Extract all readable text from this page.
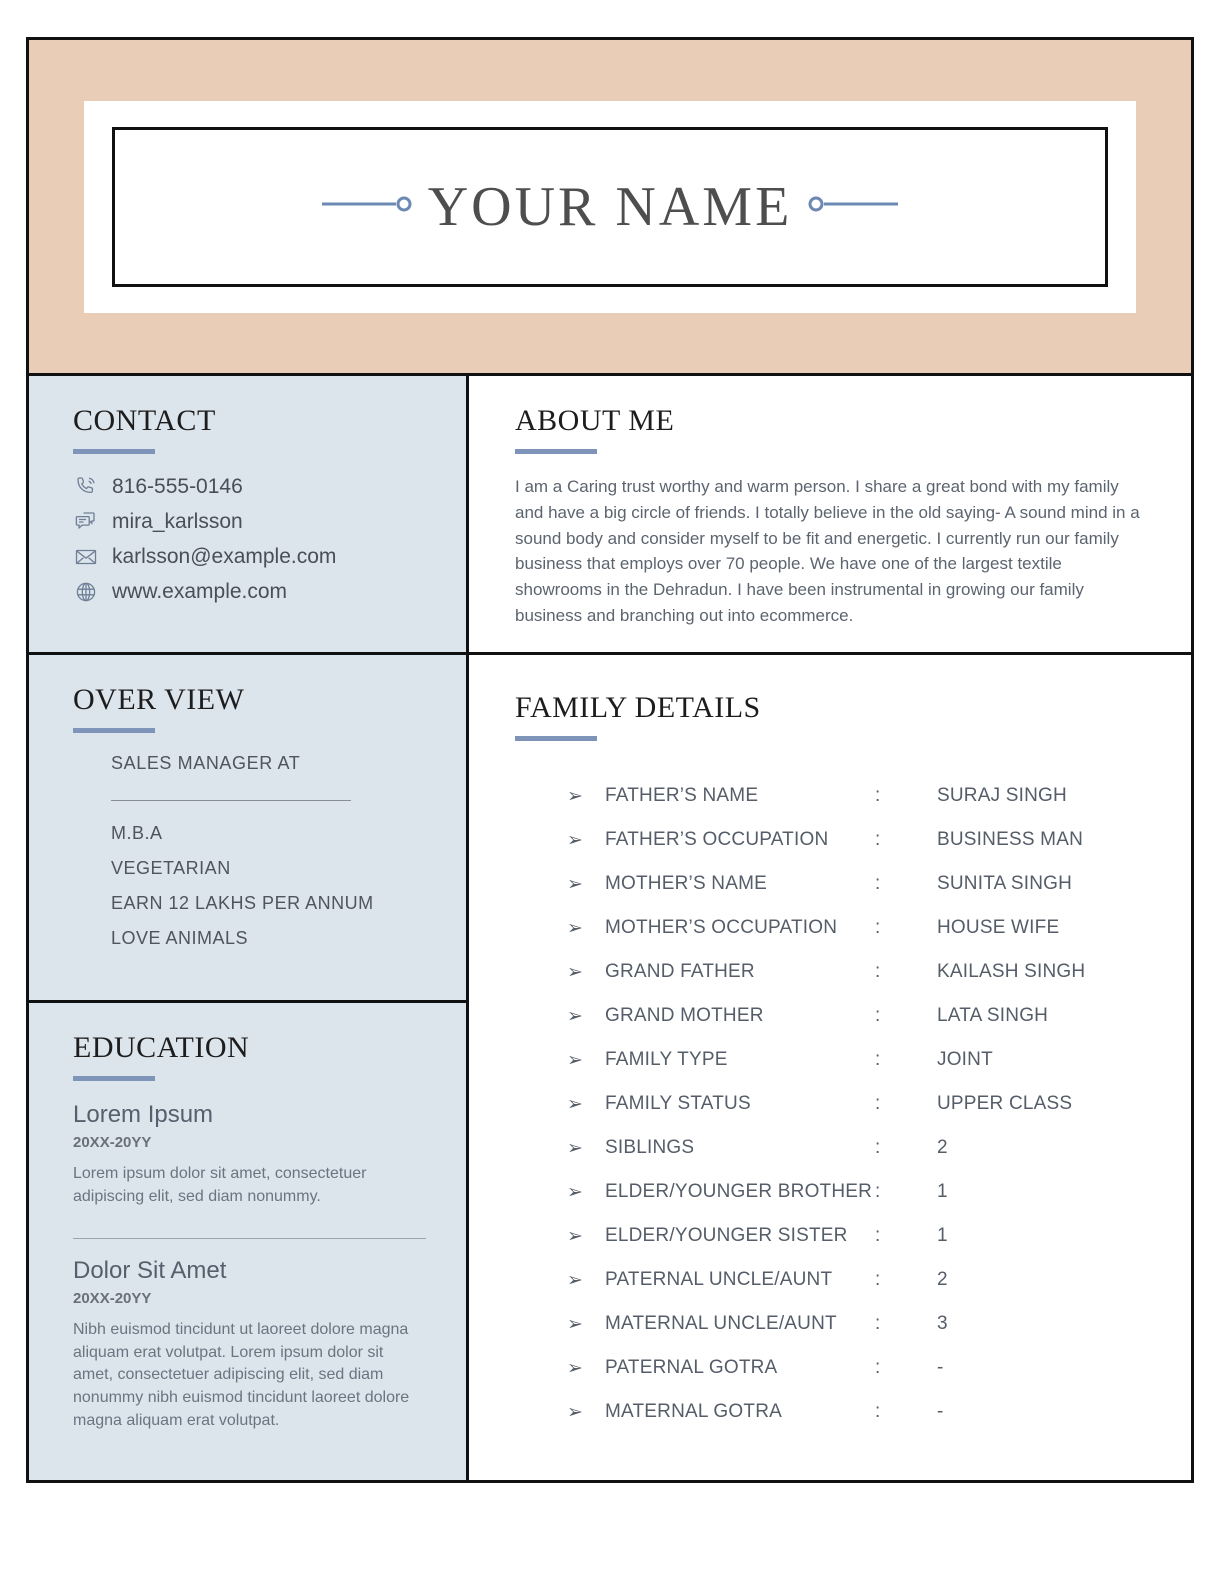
YOUR NAME
CONTACT
816-555-0146
mira_karlsson
karlsson@example.com
www.example.com
OVER VIEW
SALES MANAGER AT
M.B.A
VEGETARIAN
EARN 12 LAKHS PER ANNUM
LOVE ANIMALS
EDUCATION
Lorem Ipsum
20XX-20YY

Lorem ipsum dolor sit amet, consectetuer adipiscing elit, sed diam nonummy.

Dolor Sit Amet
20XX-20YY

Nibh euismod tincidunt ut laoreet dolore magna aliquam erat volutpat. Lorem ipsum dolor sit amet, consectetuer adipiscing elit, sed diam nonummy nibh euismod tincidunt laoreet dolore magna aliquam erat volutpat.

ABOUT ME

I am a Caring trust worthy and warm person. I share a great bond with my family and have a big circle of friends. I totally believe in the old saying- A sound mind in a sound body and consider myself to be fit and energetic. I currently run our family business that employs over 70 people. We have one of the largest textile showrooms in the Dehradun. I have been instrumental in growing our family business and branching out into ecommerce.

FAMILY DETAILS
➢	FATHER’S NAME	:	SURAJ SINGH
➢	FATHER’S OCCUPATION	:	BUSINESS MAN
➢	MOTHER’S NAME	:	SUNITA SINGH
➢	MOTHER’S OCCUPATION	:	HOUSE WIFE
➢	GRAND FATHER	:	KAILASH SINGH
➢	GRAND MOTHER	:	LATA SINGH
➢	FAMILY TYPE	:	JOINT
➢	FAMILY STATUS	:	UPPER CLASS
➢	SIBLINGS	:	2
➢	ELDER/YOUNGER BROTHER	:	1
➢	ELDER/YOUNGER SISTER	:	1
➢	PATERNAL UNCLE/AUNT	:	2
➢	MATERNAL UNCLE/AUNT	:	3
➢	PATERNAL GOTRA	:	-
➢	MATERNAL GOTRA	:	-
